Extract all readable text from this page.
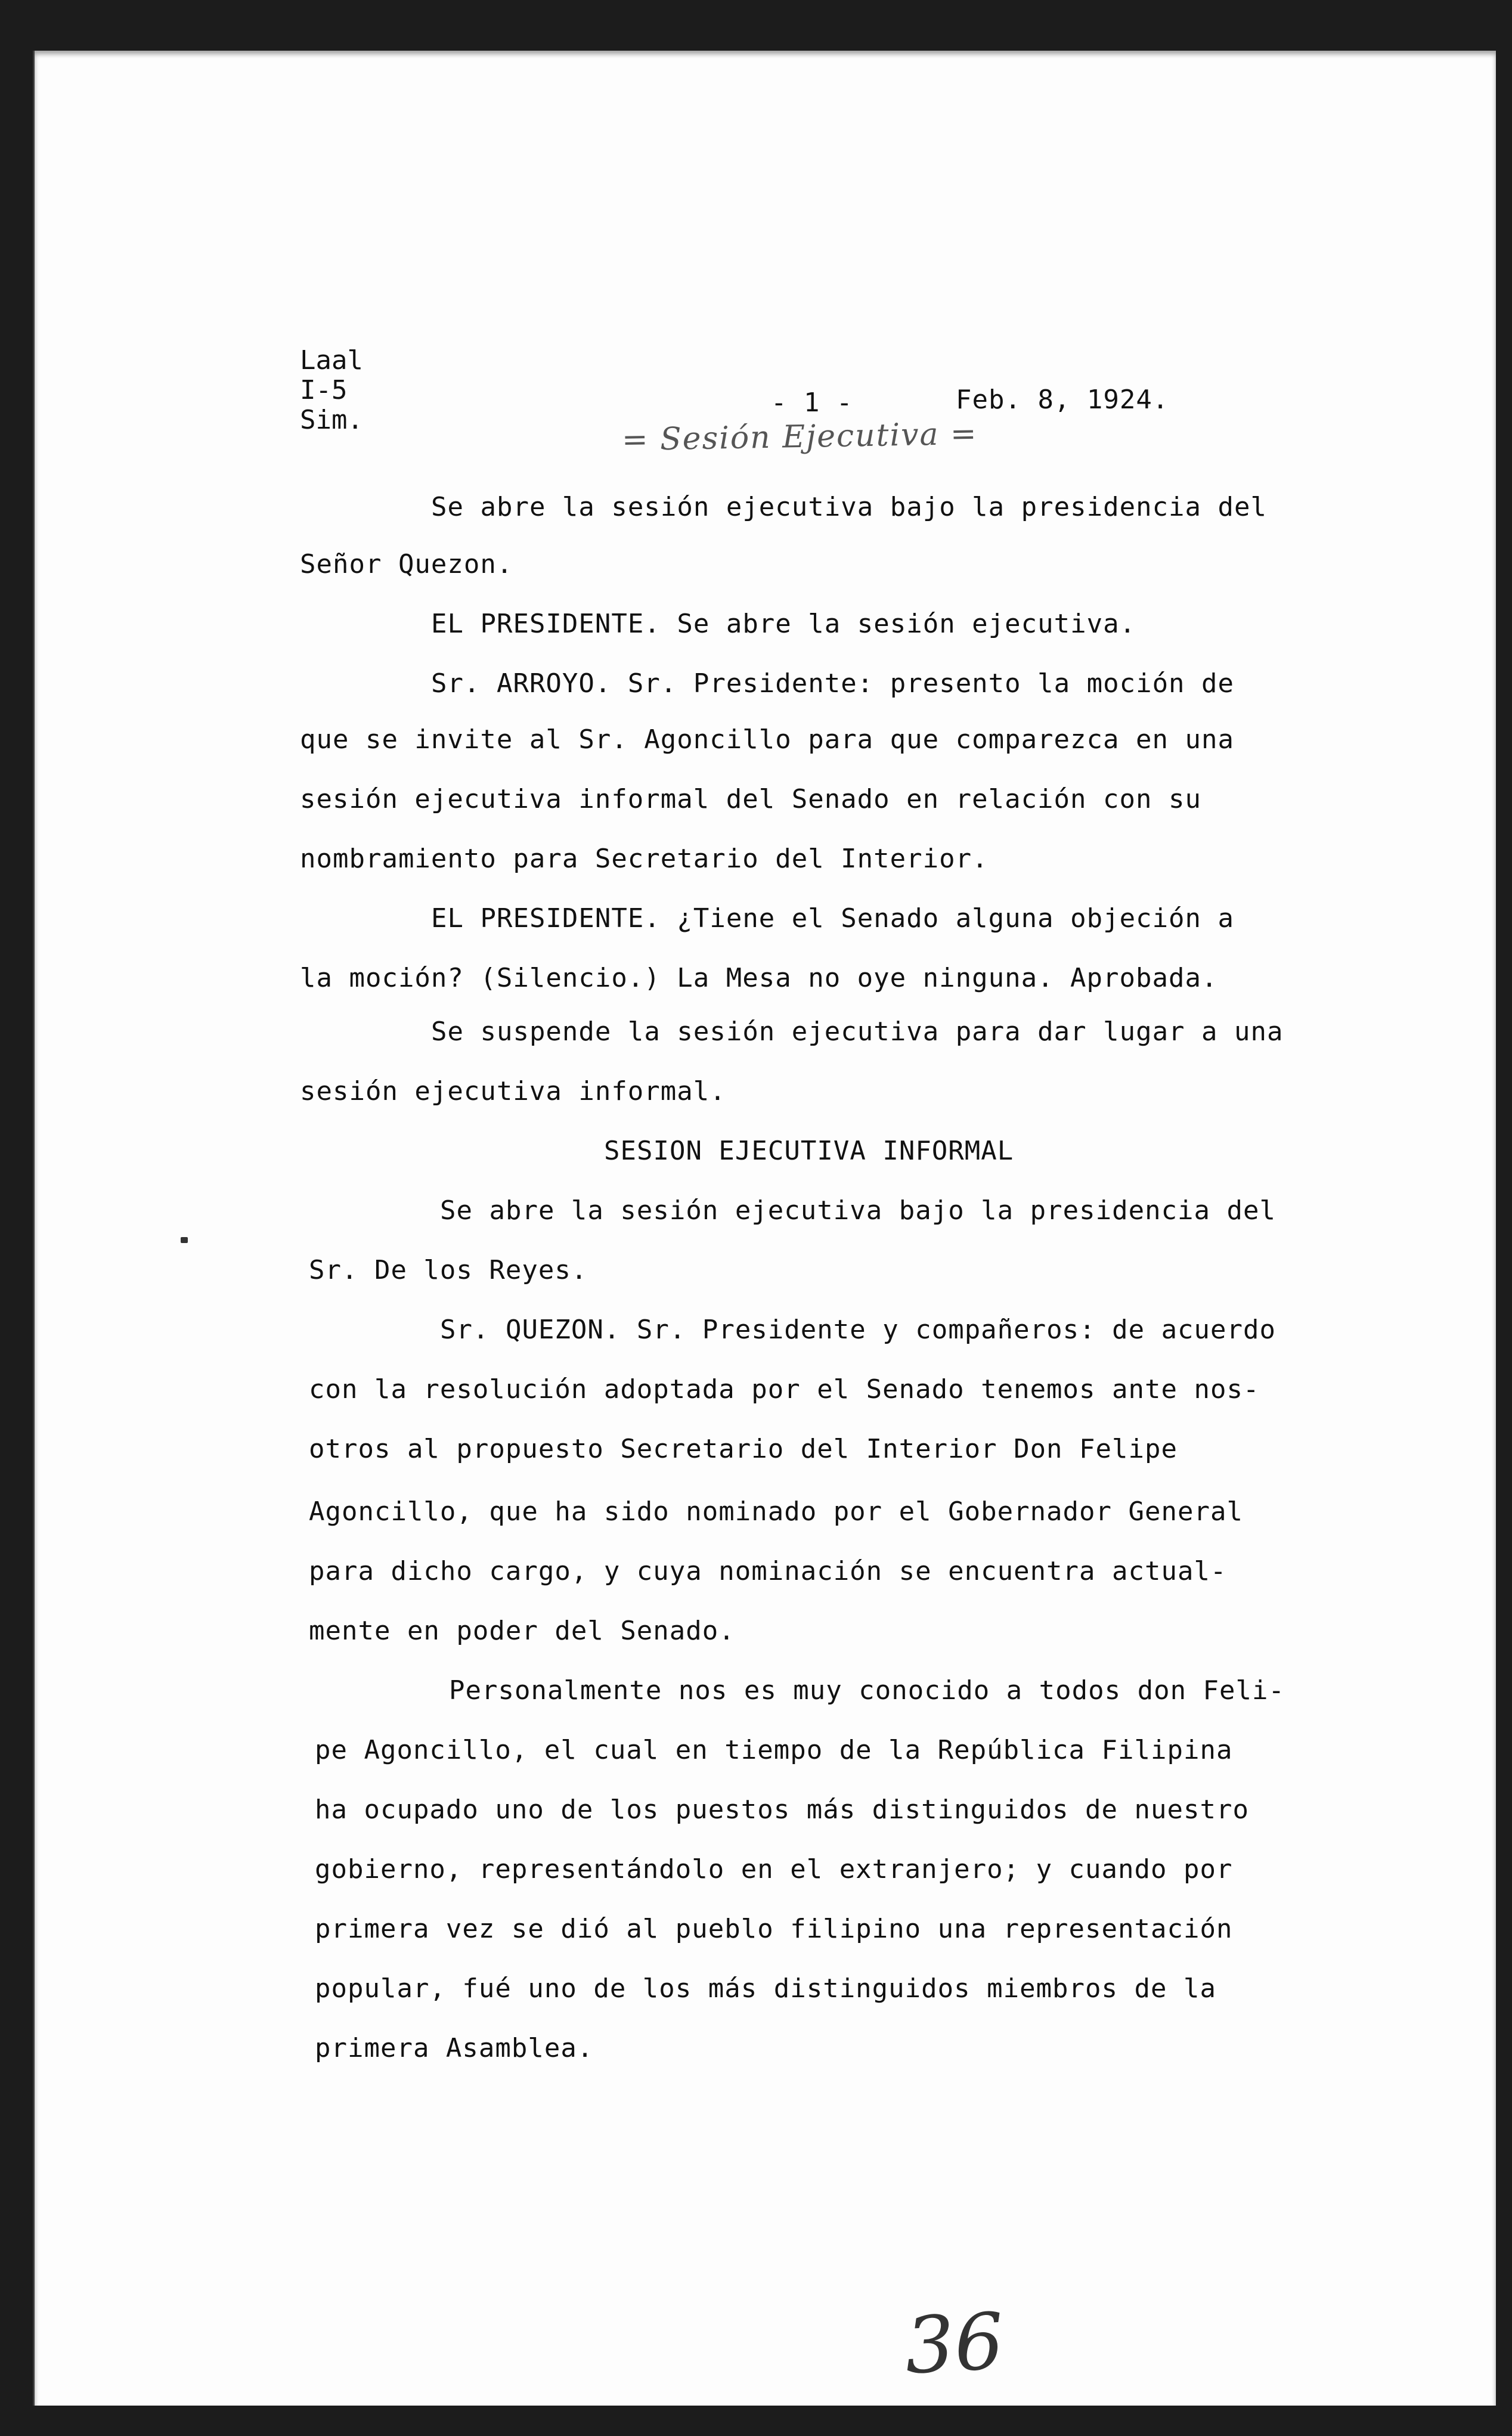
Laal
I-5
Sim.
- 1 -	Feb. 8, 1924.
= Sesión Ejecutiva =
Se abre la sesión ejecutiva bajo la presidencia del
Señor Quezon.
EL PRESIDENTE. Se abre la sesión ejecutiva.
Sr. ARROYO. Sr. Presidente: presento la moción de
que se invite al Sr. Agoncillo para que comparezca en una
sesión ejecutiva informal del Senado en relación con su
nombramiento para Secretario del Interior.
EL PRESIDENTE. ¿Tiene el Senado alguna objeción a
la moción? (Silencio.) La Mesa no oye ninguna. Aprobada.
Se suspende la sesión ejecutiva para dar lugar a una
sesión ejecutiva informal.
SESION EJECUTIVA INFORMAL
Se abre la sesión ejecutiva bajo la presidencia del
Sr. De los Reyes.
Sr. QUEZON. Sr. Presidente y compañeros: de acuerdo
con la resolución adoptada por el Senado tenemos ante nos-
otros al propuesto Secretario del Interior Don Felipe
Agoncillo, que ha sido nominado por el Gobernador General
para dicho cargo, y cuya nominación se encuentra actual-
mente en poder del Senado.
Personalmente nos es muy conocido a todos don Feli-
pe Agoncillo, el cual en tiempo de la República Filipina
ha ocupado uno de los puestos más distinguidos de nuestro
gobierno, representándolo en el extranjero; y cuando por
primera vez se dió al pueblo filipino una representación
popular, fué uno de los más distinguidos miembros de la
primera Asamblea.
36
